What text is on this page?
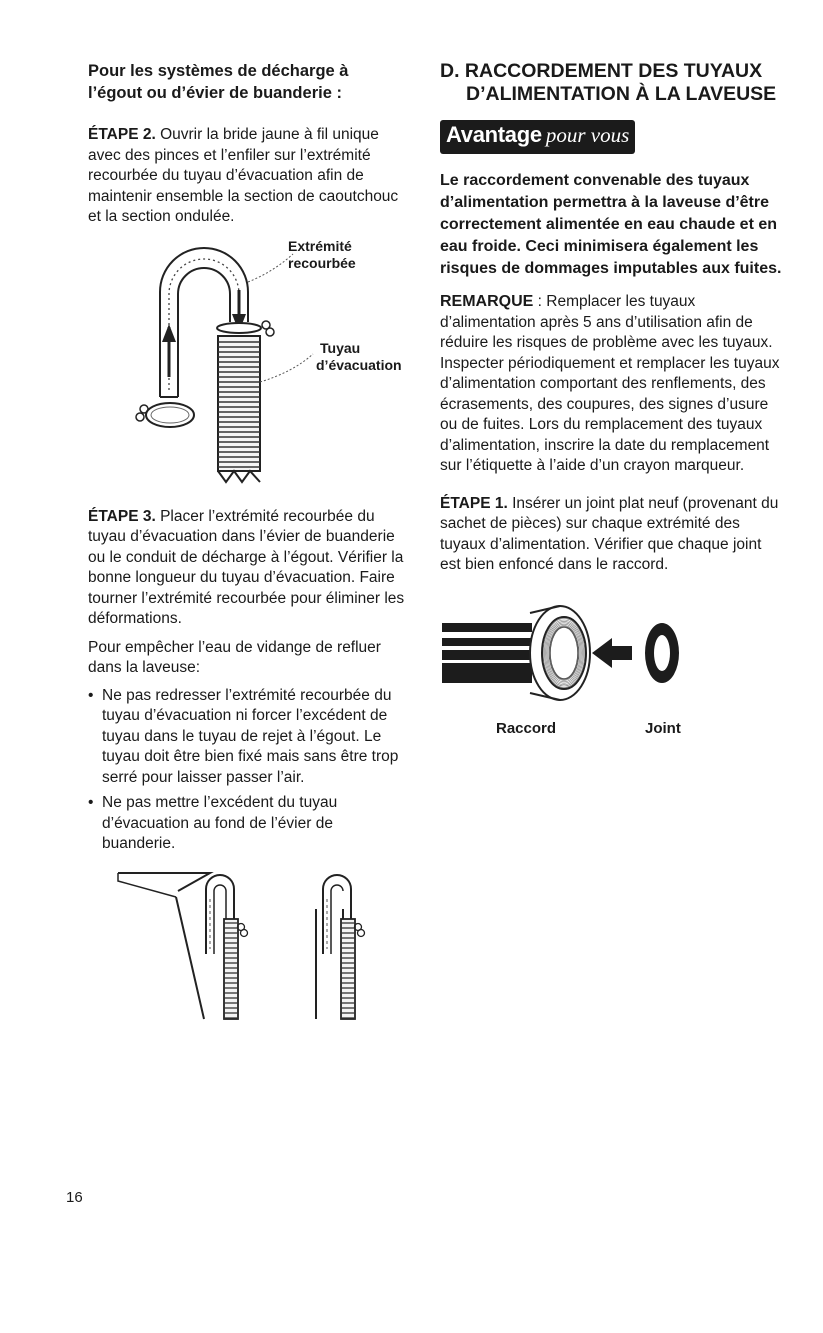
Pour les systèmes de décharge à l’égout ou d’évier de buanderie :

ÉTAPE 2. Ouvrir la bride jaune à fil unique avec des pinces et l’enfiler sur l’extrémité recourbée du tuyau d’évacuation afin de maintenir ensemble la section de caoutchouc et la section ondulée.

Extrémité
recourbée
Tuyau
d’évacuation

ÉTAPE 3. Placer l’extrémité recourbée du tuyau d’évacuation dans l’évier de buanderie ou le conduit de décharge à l’égout. Vérifier la bonne longueur du tuyau d’évacuation. Faire tourner l’extrémité recourbée pour éliminer les déformations.

Pour empêcher l’eau de vidange de refluer dans la laveuse:

• Ne pas redresser l’extrémité recourbée du tuyau d’évacuation ni forcer l’excédent de tuyau dans le tuyau de rejet à l’égout. Le tuyau doit être bien fixé mais sans être trop serré pour laisser passer l’air.

• Ne pas mettre l’excédent du tuyau d’évacuation au fond de l’évier de buanderie.

D. RACCORDEMENT DES TUYAUX
D’ALIMENTATION À LA LAVEUSE
Avantage pour vous

Le raccordement convenable des tuyaux d’alimentation permettra à la laveuse d’être correctement alimentée en eau chaude et en eau froide. Ceci minimisera également les risques de dommages imputables aux fuites.

REMARQUE : Remplacer les tuyaux d’alimentation après 5 ans d’utilisation afin de réduire les risques de problème avec les tuyaux. Inspecter périodiquement et remplacer les tuyaux d’alimentation comportant des renflements, des écrasements, des coupures, des signes d’usure ou de fuites. Lors du remplacement des tuyaux d’alimentation, inscrire la date du remplacement sur l’étiquette à l’aide d’un crayon marqueur.

ÉTAPE 1. Insérer un joint plat neuf (provenant du sachet de pièces) sur chaque extrémité des tuyaux d’alimentation. Vérifier que chaque joint est bien enfoncé dans le raccord.

Raccord	Joint
16
